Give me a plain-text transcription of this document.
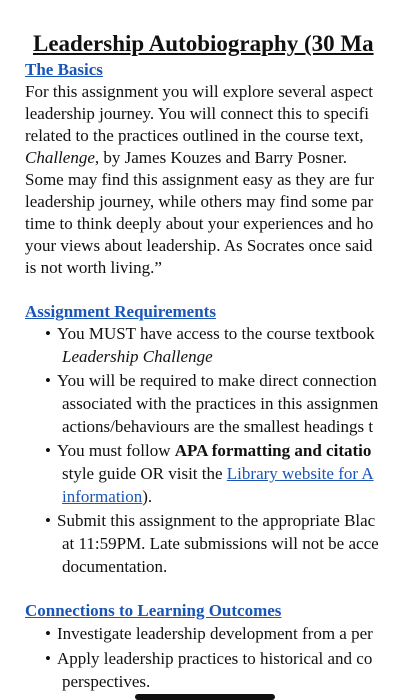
Leadership Autobiography (30 Ma
The Basics
For this assignment you will explore several aspect
leadership journey. You will connect this to specifi
related to the practices outlined in the course text,
Challenge, by James Kouzes and Barry Posner.
Some may find this assignment easy as they are fur
leadership journey, while others may find some par
time to think deeply about your experiences and ho
your views about leadership. As Socrates once said
is not worth living.”
Assignment Requirements
• You MUST have access to the course textbook
Leadership Challenge
• You will be required to make direct connection
associated with the practices in this assignmen
actions/behaviours are the smallest headings t
• You must follow APA formatting and citatio
style guide OR visit the Library website for A
information).
• Submit this assignment to the appropriate Blac
at 11:59PM. Late submissions will not be acce
documentation.
Connections to Learning Outcomes
• Investigate leadership development from a per
• Apply leadership practices to historical and co
perspectives.
